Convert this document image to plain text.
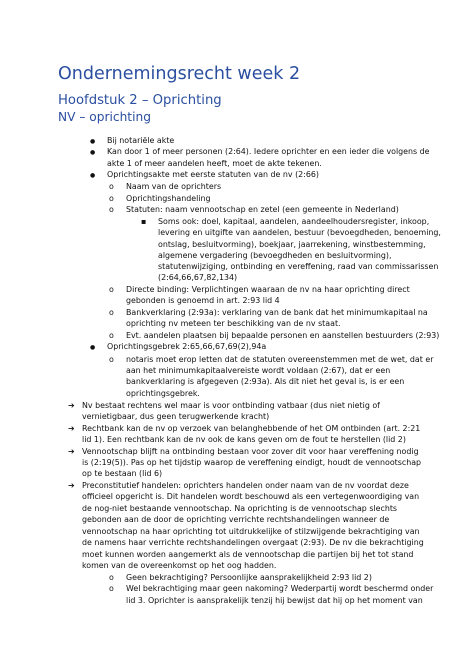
Ondernemingsrecht week 2
Hoofdstuk 2 – Oprichting
NV – oprichting
●
Bij notariële akte
●
Kan door 1 of meer personen (2:64). Iedere oprichter en een ieder die volgens de
akte 1 of meer aandelen heeft, moet de akte tekenen.
●
Oprichtingsakte met eerste statuten van de nv (2:66)
o Naam van de oprichters
o Oprichtingshandeling
o Statuten: naam vennootschap en zetel (een gemeente in Nederland)
▪
Soms ook: doel, kapitaal, aandelen, aandeelhoudersregister, inkoop,
levering en uitgifte van aandelen, bestuur (bevoegdheden, benoeming,
ontslag, besluitvorming), boekjaar, jaarrekening, winstbestemming,
algemene vergadering (bevoegdheden en besluitvorming),
statutenwijziging, ontbinding en vereffening, raad van commissarissen
(2:64,66,67,82,134)
o Directe binding: Verplichtingen waaraan de nv na haar oprichting direct
gebonden is genoemd in art. 2:93 lid 4
o Bankverklaring (2:93a): verklaring van de bank dat het minimumkapitaal na
oprichting nv meteen ter beschikking van de nv staat.
o Evt. aandelen plaatsen bij bepaalde personen en aanstellen bestuurders (2:93)
●
Oprichtingsgebrek 2:65,66,67,69(2),94a
o notaris moet erop letten dat de statuten overeenstemmen met de wet, dat er
aan het minimumkapitaalvereiste wordt voldaan (2:67), dat er een
bankverklaring is afgegeven (2:93a). Als dit niet het geval is, is er een
oprichtingsgebrek.
➔ Nv bestaat rechtens wel maar is voor ontbinding vatbaar (dus niet nietig of
vernietigbaar, dus geen terugwerkende kracht)
➔ Rechtbank kan de nv op verzoek van belanghebbende of het OM ontbinden (art. 2:21
lid 1). Een rechtbank kan de nv ook de kans geven om de fout te herstellen (lid 2)
➔ Vennootschap blijft na ontbinding bestaan voor zover dit voor haar vereffening nodig
is (2:19(5)). Pas op het tijdstip waarop de vereffening eindigt, houdt de vennootschap
op te bestaan (lid 6)
➔ Preconstitutief handelen: oprichters handelen onder naam van de nv voordat deze
officieel opgericht is. Dit handelen wordt beschouwd als een vertegenwoordiging van
de nog-niet bestaande vennootschap. Na oprichting is de vennootschap slechts
gebonden aan de door de oprichting verrichte rechtshandelingen wanneer de
vennootschap na haar oprichting tot uitdrukkelijke of stilzwijgende bekrachtiging van
de namens haar verrichte rechtshandelingen overgaat (2:93). De nv die bekrachtiging
moet kunnen worden aangemerkt als de vennootschap die partijen bij het tot stand
komen van de overeenkomst op het oog hadden.
o Geen bekrachtiging? Persoonlijke aansprakelijkheid 2:93 lid 2)
o Wel bekrachtiging maar geen nakoming? Wederpartij wordt beschermd onder
lid 3. Oprichter is aansprakelijk tenzij hij bewijst dat hij op het moment van
